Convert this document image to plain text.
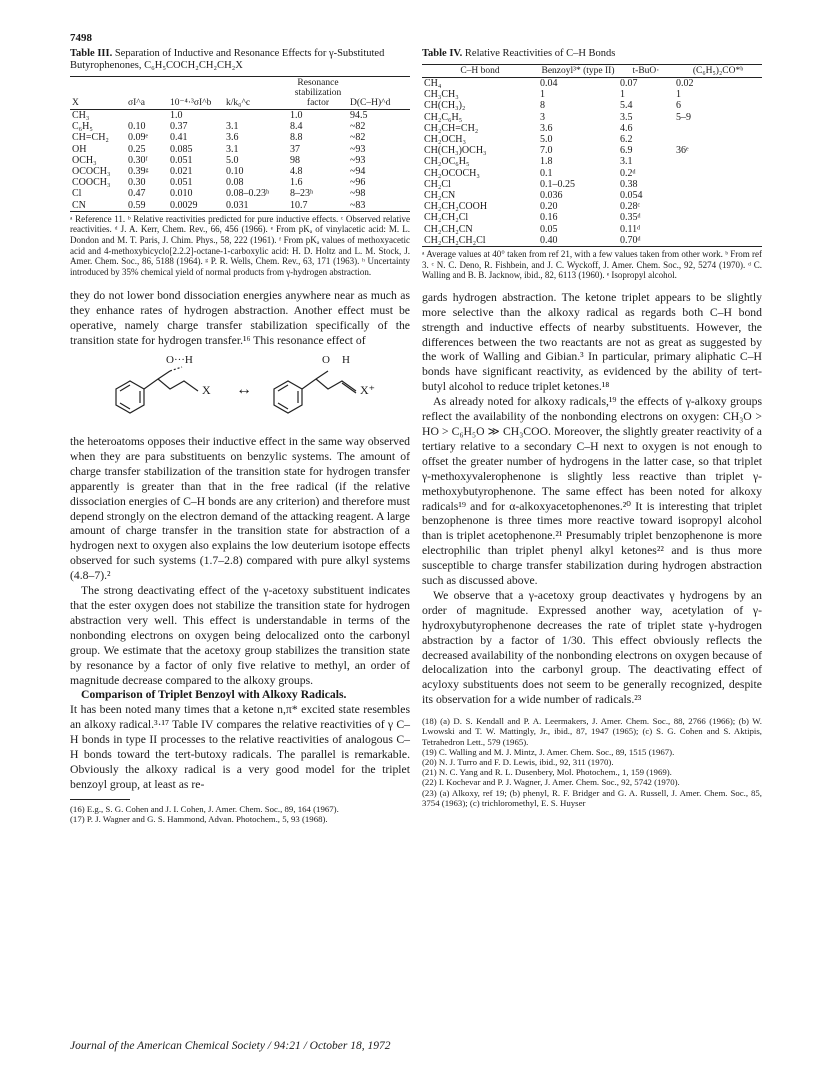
7498
Table III. Separation of Inductive and Resonance Effects for γ-Substituted Butyrophenones, C₆H₅COCH₂CH₂CH₂X
X	σI^a	10⁻⁴·³σI^b	k/k₀^c	Resonance stabilization factor	D(C–H)^d
CH₃		1.0		1.0	94.5
C₆H₅	0.10	0.37	3.1	8.4	~82
CH=CH₂	0.09ᵉ	0.41	3.6	8.8	~82
OH	0.25	0.085	3.1	37	~93
OCH₃	0.30ᶠ	0.051	5.0	98	~93
OCOCH₃	0.39ᵍ	0.021	0.10	4.8	~94
COOCH₃	0.30	0.051	0.08	1.6	~96
Cl	0.47	0.010	0.08–0.23ʰ	8–23ʰ	~98
CN	0.59	0.0029	0.031	10.7	~83
ᵃ Reference 11. ᵇ Relative reactivities predicted for pure inductive effects. ᶜ Observed relative reactivities. ᵈ J. A. Kerr, Chem. Rev., 66, 456 (1966). ᵉ From pKₐ of vinylacetic acid: M. L. Dondon and M. T. Paris, J. Chim. Phys., 58, 222 (1961). ᶠ From pKₐ values of methoxyacetic acid and 4-methoxybicyclo[2.2.2]-octane-1-carboxylic acid: H. D. Holtz and L. M. Stock, J. Amer. Chem. Soc., 86, 5188 (1964). ᵍ P. R. Wells, Chem. Rev., 63, 171 (1963). ʰ Uncertainty introduced by 35% chemical yield of normal products from γ-hydrogen abstraction.

they do not lower bond dissociation energies anywhere near as much as they enhance rates of hydrogen abstraction. Another effect must be operative, namely charge transfer stabilization specifically of the transition state for hydrogen transfer.¹⁶ This resonance effect of

O···H
X ↔
O H
X⁺

the heteroatoms opposes their inductive effect in the same way observed when they are para substituents on benzylic systems. The amount of charge transfer stabilization of the transition state for hydrogen transfer apparently is greater than that in the free radical (if the relative dissociation energies of C–H bonds are any criterion) and therefore must depend strongly on the electron demand of the attacking reagent. A large amount of charge transfer in the transition state for abstraction of a hydrogen next to oxygen also explains the low deuterium isotope effects observed for such systems (1.7–2.8) compared with pure alkyl systems (4.8–7).²

The strong deactivating effect of the γ-acetoxy substituent indicates that the ester oxygen does not stabilize the transition state for hydrogen abstraction very well. This effect is understandable in terms of the nonbonding electrons on oxygen being delocalized onto the carbonyl group. We estimate that the acetoxy group stabilizes the transition state by resonance by a factor of only five relative to methyl, an order of magnitude decrease compared to the alkoxy groups.

Comparison of Triplet Benzoyl with Alkoxy Radicals.

It has been noted many times that a ketone n,π* excited state resembles an alkoxy radical.³·¹⁷ Table IV compares the relative reactivities of γ C–H bonds in type II processes to the relative reactivities of analogous C–H bonds toward the tert-butoxy radicals. The parallel is remarkable. Obviously the alkoxy radical is a very good model for the triplet benzoyl group, at least as re-

(16) E.g., S. G. Cohen and J. I. Cohen, J. Amer. Chem. Soc., 89, 164 (1967).
(17) P. J. Wagner and G. S. Hammond, Advan. Photochem., 5, 93 (1968).
Table IV. Relative Reactivities of C–H Bonds
C–H bond	Benzoyl³* (type II)	t-BuO·	(C₆H₅)₂CO*ᵇ
CH₄	0.04	0.07	0.02
CH₃CH₃	1	1	1
CH(CH₃)₂	8	5.4	6
CH₂C₆H₅	3	3.5	5–9
CH₂CH=CH₂	3.6	4.6	
CH₂OCH₃	5.0	6.2	
CH(CH₃)OCH₃	7.0	6.9	36ᵉ
CH₂OC₆H₅	1.8	3.1	
CH₂OCOCH₃	0.1	0.2ᵈ	
CH₂Cl	0.1–0.25	0.38	
CH₂CN	0.036	0.054	
CH₂CH₂COOH	0.20	0.28ᶜ	
CH₂CH₂Cl	0.16	0.35ᵈ	
CH₂CH₂CN	0.05	0.11ᵈ	
CH₂CH₂CH₂Cl	0.40	0.70ᵈ	
ᵃ Average values at 40° taken from ref 21, with a few values taken from other work. ᵇ From ref 3. ᶜ N. C. Deno, R. Fishbein, and J. C. Wyckoff, J. Amer. Chem. Soc., 92, 5274 (1970). ᵈ C. Walling and B. B. Jacknow, ibid., 82, 6113 (1960). ᵉ Isopropyl alcohol.

gards hydrogen abstraction. The ketone triplet appears to be slightly more selective than the alkoxy radical as regards both C–H bond strength and inductive effects of nearby substituents. However, the differences between the two reactants are not as great as suggested by the work of Walling and Gibian.³ In particular, primary aliphatic C–H bonds have significant reactivity, as evidenced by the ability of tert-butyl alcohol to reduce triplet ketones.¹⁸

As already noted for alkoxy radicals,¹⁹ the effects of γ-alkoxy groups reflect the availability of the nonbonding electrons on oxygen: CH₃O > HO > C₆H₅O ≫ CH₃COO. Moreover, the slightly greater reactivity of a tertiary relative to a secondary C–H next to oxygen is not enough to offset the greater number of hydrogens in the latter case, so that triplet γ-methoxyvalerophenone is slightly less reactive than triplet γ-methoxybutyrophenone. The same effect has been noted for alkoxy radicals¹⁹ and for α-alkoxyacetophenones.²⁰ It is interesting that triplet benzophenone is three times more reactive toward isopropyl alcohol than is triplet acetophenone.²¹ Presumably triplet benzophenone is more electrophilic than triplet phenyl alkyl ketones²² and is thus more susceptible to charge transfer stabilization during hydrogen abstraction such as discussed above.

We observe that a γ-acetoxy group deactivates γ hydrogens by an order of magnitude. Expressed another way, acetylation of γ-hydroxybutyrophenone decreases the rate of triplet state γ-hydrogen abstraction by a factor of 1/30. This effect obviously reflects the decreased availability of the nonbonding electrons on oxygen because of delocalization into the carbonyl group. The deactivating effect of acyloxy substituents does not seem to be generally recognized, despite its observation for a wide number of radicals.²³

(18) (a) D. S. Kendall and P. A. Leermakers, J. Amer. Chem. Soc., 88, 2766 (1966); (b) W. Lwowski and T. W. Mattingly, Jr., ibid., 87, 1947 (1965); (c) S. G. Cohen and S. Aktipis, Tetrahedron Lett., 579 (1965).
(19) C. Walling and M. J. Mintz, J. Amer. Chem. Soc., 89, 1515 (1967).
(20) N. J. Turro and F. D. Lewis, ibid., 92, 311 (1970).
(21) N. C. Yang and R. L. Dusenbery, Mol. Photochem., 1, 159 (1969).
(22) I. Kochevar and P. J. Wagner, J. Amer. Chem. Soc., 92, 5742 (1970).
(23) (a) Alkoxy, ref 19; (b) phenyl, R. F. Bridger and G. A. Russell, J. Amer. Chem. Soc., 85, 3754 (1963); (c) trichloromethyl, E. S. Huyser
Journal of the American Chemical Society / 94:21 / October 18, 1972
